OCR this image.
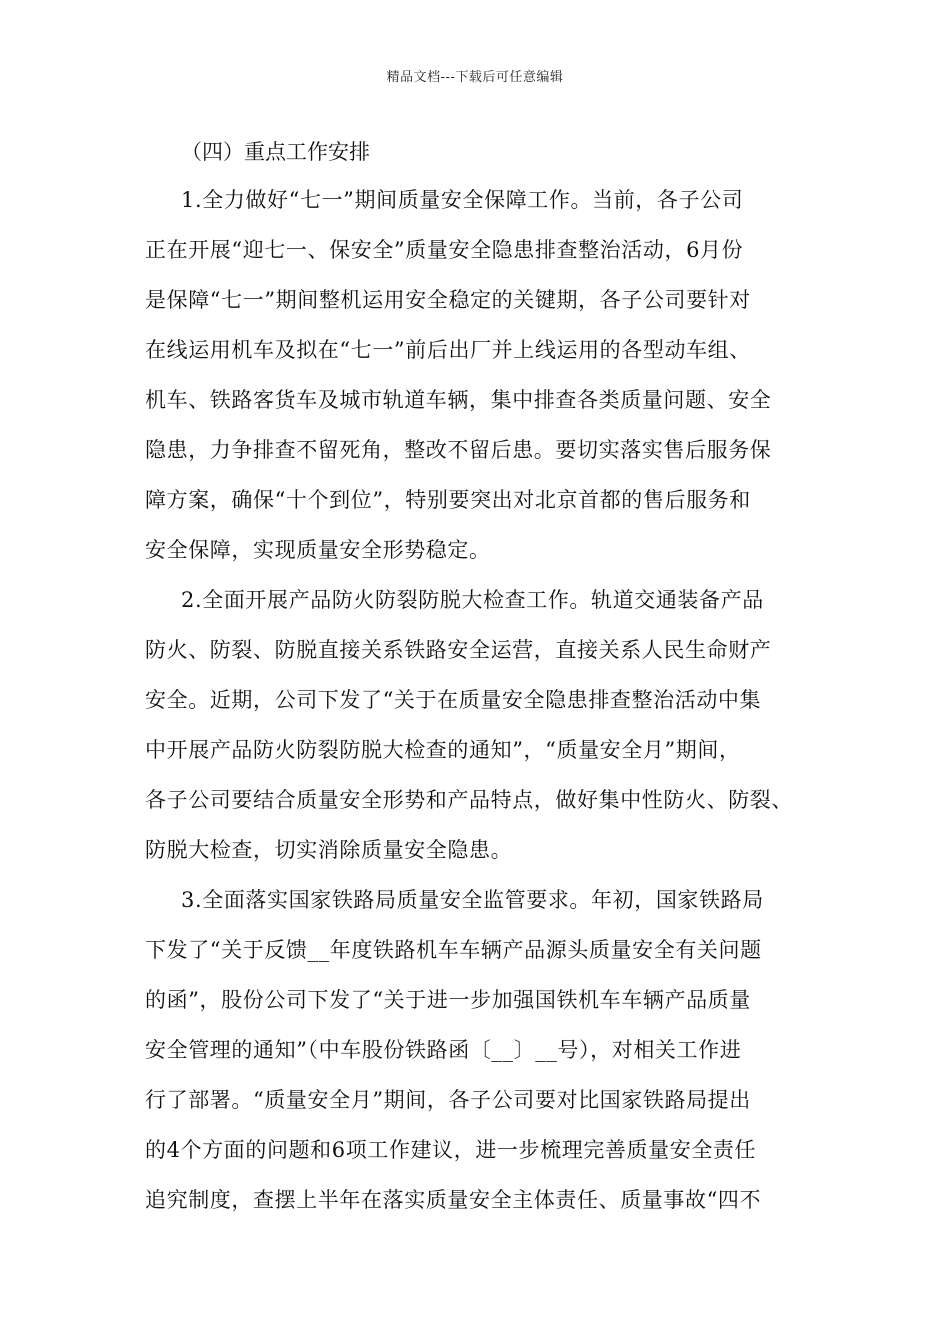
精品文档---下载后可任意编辑
（四）重点工作安排
1.全力做好“七一”期间质量安全保障工作。当前，各子公司
正在开展“迎七一、保安全”质量安全隐患排查整治活动，6月份
是保障“七一”期间整机运用安全稳定的关键期，各子公司要针对
在线运用机车及拟在“七一”前后出厂并上线运用的各型动车组、
机车、铁路客货车及城市轨道车辆，集中排查各类质量问题、安全
隐患，力争排查不留死角，整改不留后患。要切实落实售后服务保
障方案，确保“十个到位”，特别要突出对北京首都的售后服务和
安全保障，实现质量安全形势稳定。
2.全面开展产品防火防裂防脱大检查工作。轨道交通装备产品
防火、防裂、防脱直接关系铁路安全运营，直接关系人民生命财产
安全。近期，公司下发了“关于在质量安全隐患排查整治活动中集
中开展产品防火防裂防脱大检查的通知”，“质量安全月”期间，
各子公司要结合质量安全形势和产品特点，做好集中性防火、防裂、
防脱大检查，切实消除质量安全隐患。
3.全面落实国家铁路局质量安全监管要求。年初，国家铁路局
下发了“关于反馈__年度铁路机车车辆产品源头质量安全有关问题
的函”，股份公司下发了“关于进一步加强国铁机车车辆产品质量
安全管理的通知”（中车股份铁路函〔__〕__号），对相关工作进
行了部署。“质量安全月”期间，各子公司要对比国家铁路局提出
的4个方面的问题和6项工作建议，进一步梳理完善质量安全责任
追究制度，查摆上半年在落实质量安全主体责任、质量事故“四不
